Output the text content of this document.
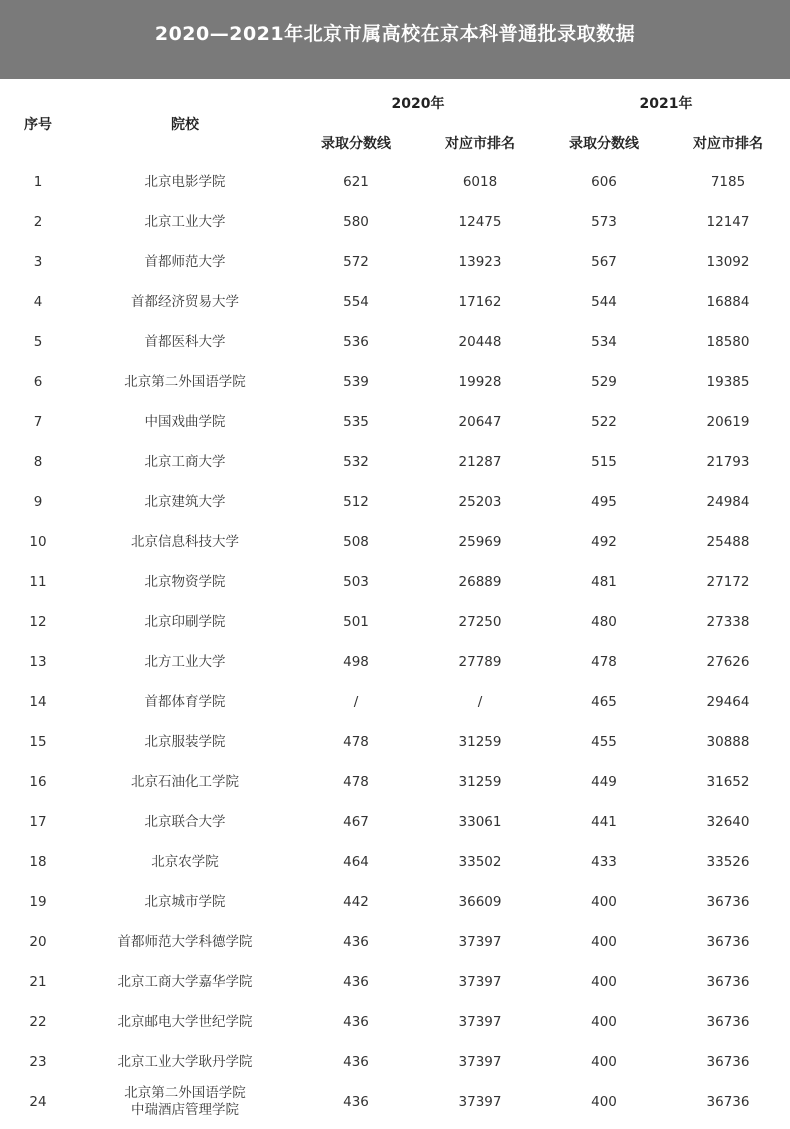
2020—2021年北京市属高校在京本科普通批录取数据
序号	院校
2020年	2021年
录取分数线	对应市排名	录取分数线	对应市排名
1	北京电影学院	621	6018	606	7185
2	北京工业大学	580	12475	573	12147
3	首都师范大学	572	13923	567	13092
4	首都经济贸易大学	554	17162	544	16884
5	首都医科大学	536	20448	534	18580
6	北京第二外国语学院	539	19928	529	19385
7	中国戏曲学院	535	20647	522	20619
8	北京工商大学	532	21287	515	21793
9	北京建筑大学	512	25203	495	24984
10	北京信息科技大学	508	25969	492	25488
11	北京物资学院	503	26889	481	27172
12	北京印刷学院	501	27250	480	27338
13	北方工业大学	498	27789	478	27626
14	首都体育学院	/	/	465	29464
15	北京服装学院	478	31259	455	30888
16	北京石油化工学院	478	31259	449	31652
17	北京联合大学	467	33061	441	32640
18	北京农学院	464	33502	433	33526
19	北京城市学院	442	36609	400	36736
20	首都师范大学科德学院	436	37397	400	36736
21	北京工商大学嘉华学院	436	37397	400	36736
22	北京邮电大学世纪学院	436	37397	400	36736
23	北京工业大学耿丹学院	436	37397	400	36736
24	北京第二外国语学院
中瑞酒店管理学院	436	37397	400	36736
